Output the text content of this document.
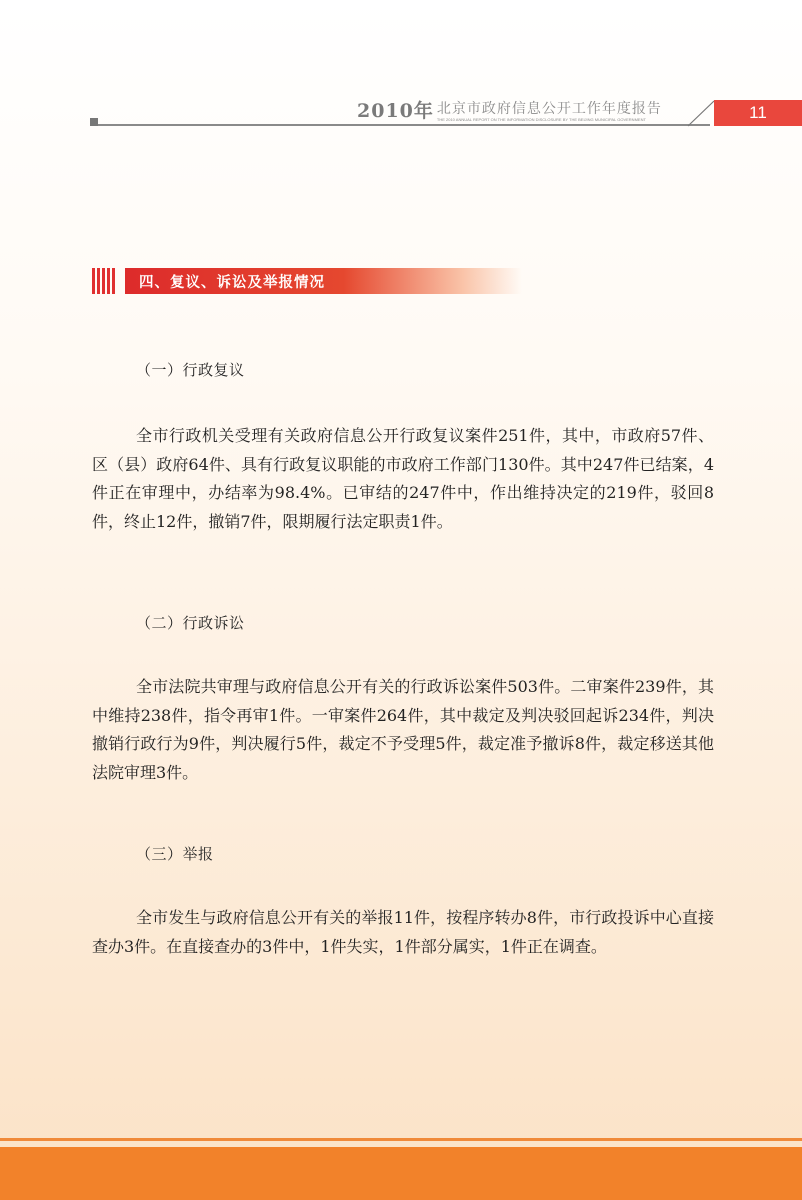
2010年 北京市政府信息公开工作年度报告
THE 2010 ANNUAL REPORT ON THE INFORMATION DISCLOSURE BY THE BEIJING MUNICIPAL GOVERNMENT	11
四、复议、诉讼及举报情况
（一）行政复议

全市行政机关受理有关政府信息公开行政复议案件251件，其中，市政府57件、区（县）政府64件、具有行政复议职能的市政府工作部门130件。其中247件已结案，4件正在审理中，办结率为98.4%。已审结的247件中，作出维持决定的219件，驳回8件，终止12件，撤销7件，限期履行法定职责1件。

（二）行政诉讼

全市法院共审理与政府信息公开有关的行政诉讼案件503件。二审案件239件，其中维持238件，指令再审1件。一审案件264件，其中裁定及判决驳回起诉234件，判决撤销行政行为9件，判决履行5件，裁定不予受理5件，裁定准予撤诉8件，裁定移送其他法院审理3件。

（三）举报

全市发生与政府信息公开有关的举报11件，按程序转办8件，市行政投诉中心直接查办3件。在直接查办的3件中，1件失实，1件部分属实，1件正在调查。
